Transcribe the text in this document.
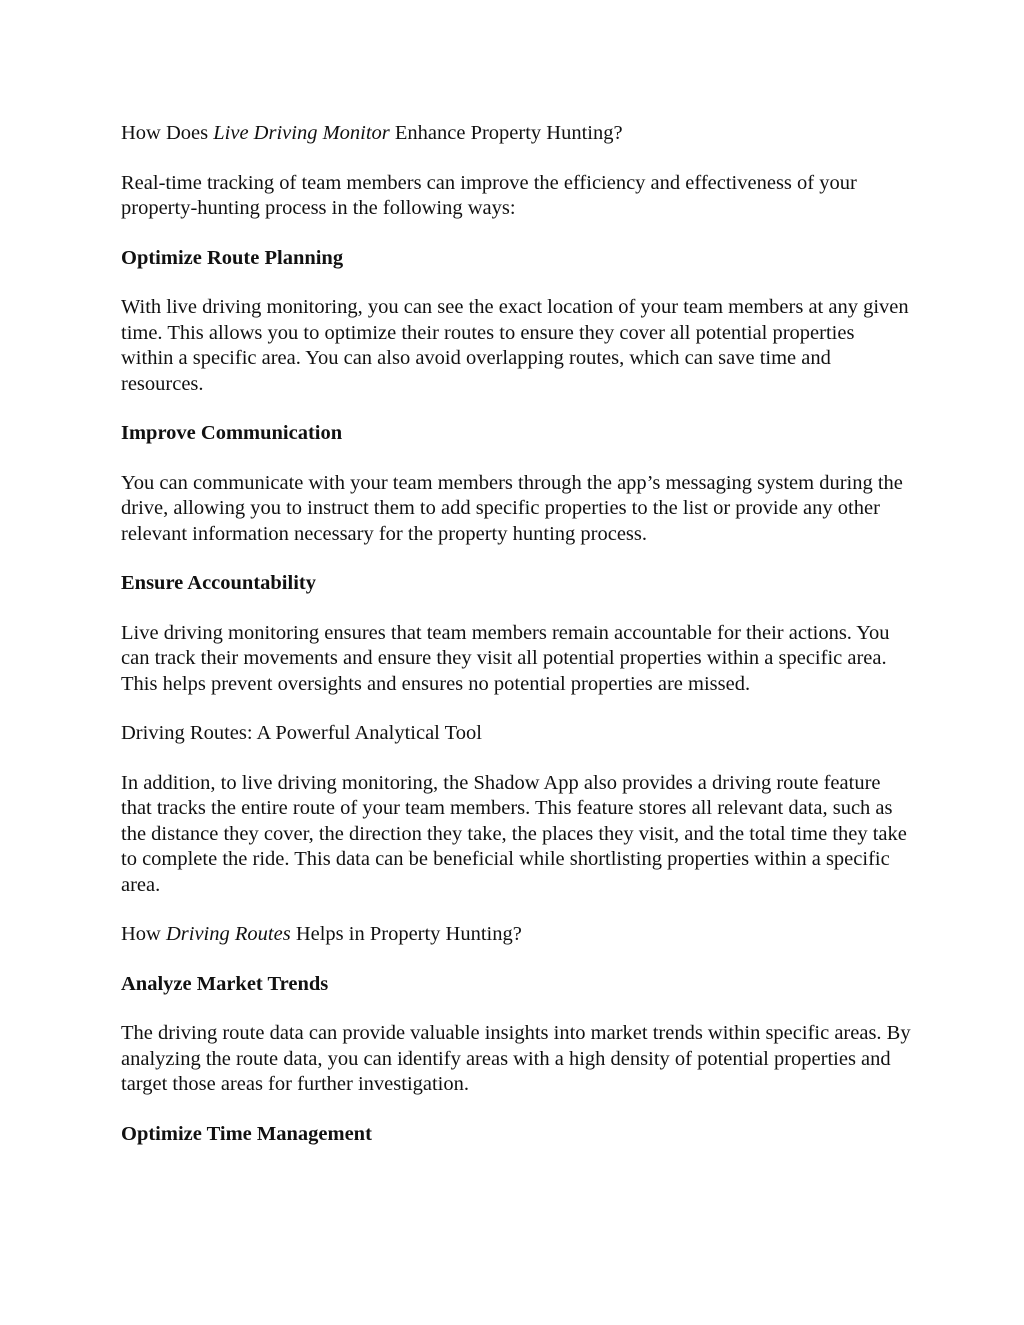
How Does Live Driving Monitor Enhance Property Hunting?

Real-time tracking of team members can improve the efficiency and effectiveness of your property-hunting process in the following ways:

Optimize Route Planning

With live driving monitoring, you can see the exact location of your team members at any given time. This allows you to optimize their routes to ensure they cover all potential properties within a specific area. You can also avoid overlapping routes, which can save time and resources.

Improve Communication

You can communicate with your team members through the app’s messaging system during the drive, allowing you to instruct them to add specific properties to the list or provide any other relevant information necessary for the property hunting process.

Ensure Accountability

Live driving monitoring ensures that team members remain accountable for their actions. You can track their movements and ensure they visit all potential properties within a specific area. This helps prevent oversights and ensures no potential properties are missed.

Driving Routes: A Powerful Analytical Tool

In addition, to live driving monitoring, the Shadow App also provides a driving route feature that tracks the entire route of your team members. This feature stores all relevant data, such as the distance they cover, the direction they take, the places they visit, and the total time they take to complete the ride. This data can be beneficial while shortlisting properties within a specific area.

How Driving Routes Helps in Property Hunting?

Analyze Market Trends

The driving route data can provide valuable insights into market trends within specific areas. By analyzing the route data, you can identify areas with a high density of potential properties and target those areas for further investigation.

Optimize Time Management
